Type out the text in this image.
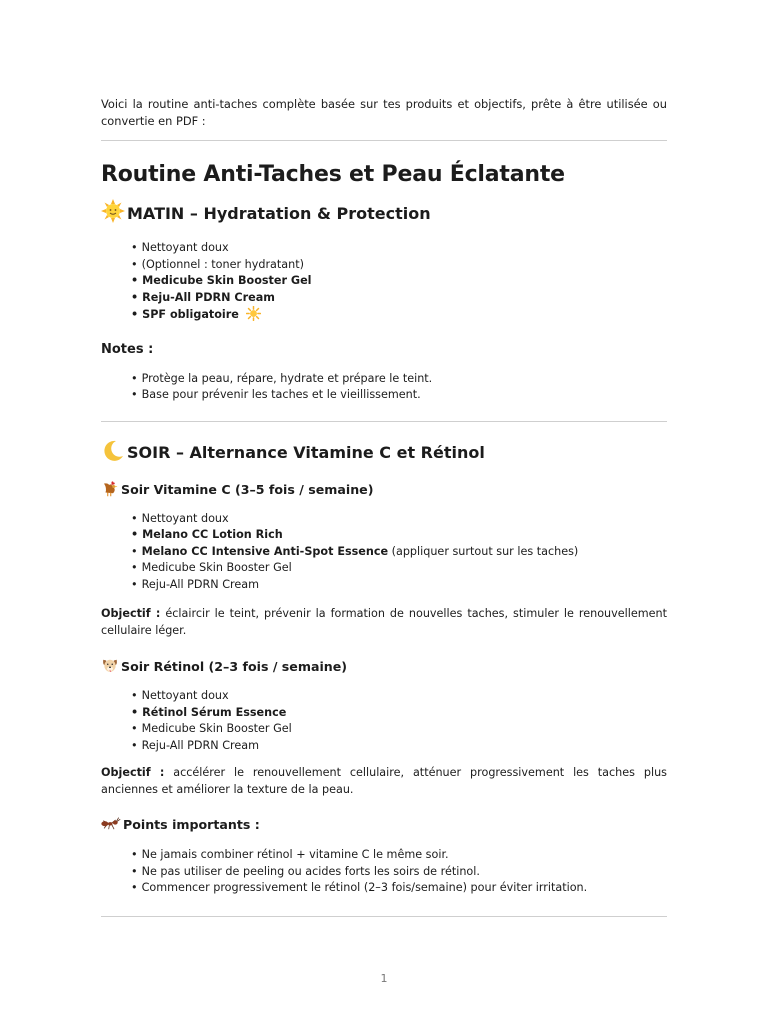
Voici la routine anti-taches complète basée sur tes produits et objectifs, prête à être utilisée ou convertie en PDF :

Routine Anti-Taches et Peau Éclatante
MATIN – Hydratation & Protection
• Nettoyant doux
• (Optionnel : toner hydratant)
• Medicube Skin Booster Gel
• Reju-All PDRN Cream
• SPF obligatoire
Notes :
• Protège la peau, répare, hydrate et prépare le teint.
• Base pour prévenir les taches et le vieillissement.
SOIR – Alternance Vitamine C et Rétinol
Soir Vitamine C (3–5 fois / semaine)
• Nettoyant doux
• Melano CC Lotion Rich
• Melano CC Intensive Anti-Spot Essence (appliquer surtout sur les taches)
• Medicube Skin Booster Gel
• Reju-All PDRN Cream

Objectif : éclaircir le teint, prévenir la formation de nouvelles taches, stimuler le renouvellement cellulaire léger.

Soir Rétinol (2–3 fois / semaine)
• Nettoyant doux
• Rétinol Sérum Essence
• Medicube Skin Booster Gel
• Reju-All PDRN Cream

Objectif : accélérer le renouvellement cellulaire, atténuer progressivement les taches plus anciennes et améliorer la texture de la peau.

Points importants :
• Ne jamais combiner rétinol + vitamine C le même soir.
• Ne pas utiliser de peeling ou acides forts les soirs de rétinol.
• Commencer progressivement le rétinol (2–3 fois/semaine) pour éviter irritation.
1
